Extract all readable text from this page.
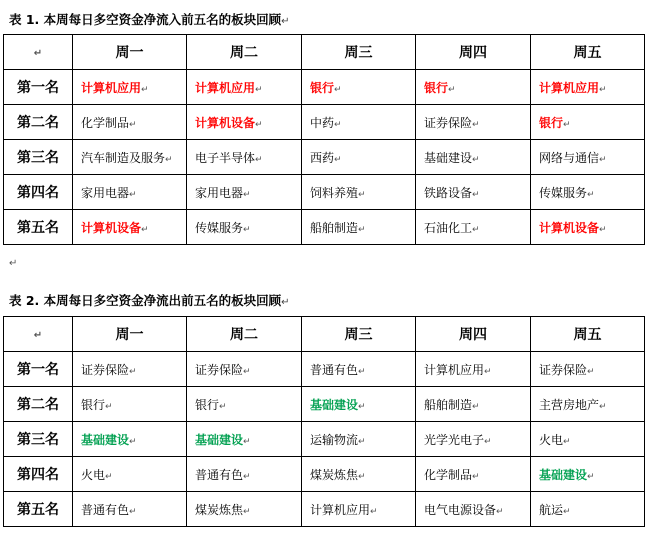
表 1. 本周每日多空资金净流入前五名的板块回顾↵
↵	周一	周二	周三	周四	周五
第一名	计算机应用↵	计算机应用↵	银行↵	银行↵	计算机应用↵
第二名	化学制品↵	计算机设备↵	中药↵	证券保险↵	银行↵
第三名	汽车制造及服务↵	电子半导体↵	西药↵	基础建设↵	网络与通信↵
第四名	家用电器↵	家用电器↵	饲料养殖↵	铁路设备↵	传媒服务↵
第五名	计算机设备↵	传媒服务↵	船舶制造↵	石油化工↵	计算机设备↵
↵
表 2. 本周每日多空资金净流出前五名的板块回顾↵
↵	周一	周二	周三	周四	周五
第一名	证券保险↵	证券保险↵	普通有色↵	计算机应用↵	证券保险↵
第二名	银行↵	银行↵	基础建设↵	船舶制造↵	主营房地产↵
第三名	基础建设↵	基础建设↵	运输物流↵	光学光电子↵	火电↵
第四名	火电↵	普通有色↵	煤炭炼焦↵	化学制品↵	基础建设↵
第五名	普通有色↵	煤炭炼焦↵	计算机应用↵	电气电源设备↵	航运↵
